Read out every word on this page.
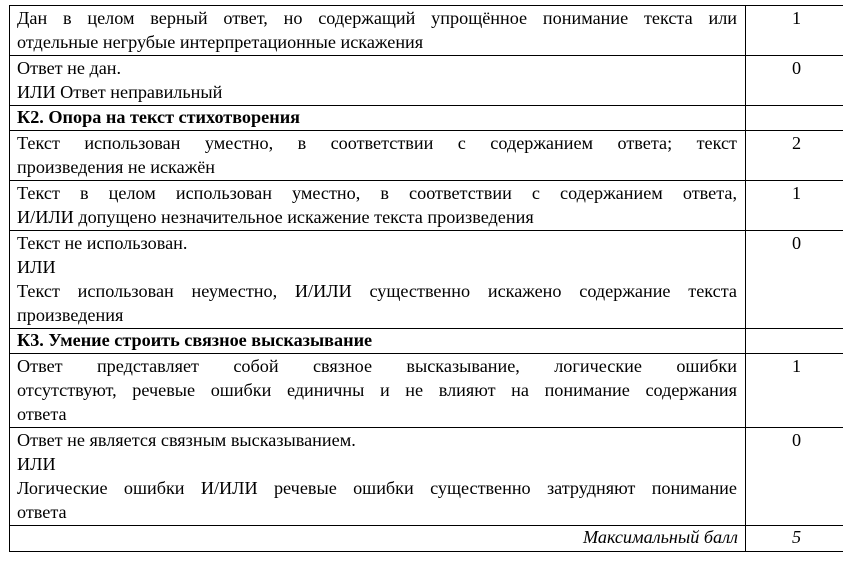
Дан в целом верный ответ, но содержащий упрощённое понимание текста или
отдельные негрубые интерпретационные искажения	1

Ответ не дан.
ИЛИ Ответ неправильный	0

К2. Опора на текст стихотворения	

Текст использован уместно, в соответствии с содержанием ответа; текст
произведения не искажён	2

Текст в целом использован уместно, в соответствии с содержанием ответа,
И/ИЛИ допущено незначительное искажение текста произведения	1

Текст не использован.
ИЛИ
Текст использован неуместно, И/ИЛИ существенно искажено содержание текста
произведения	0

К3. Умение строить связное высказывание	

Ответ представляет собой связное высказывание, логические ошибки
отсутствуют, речевые ошибки единичны и не влияют на понимание содержания
ответа	1

Ответ не является связным высказыванием.
ИЛИ
Логические ошибки И/ИЛИ речевые ошибки существенно затрудняют понимание
ответа	0

Максимальный балл	5
